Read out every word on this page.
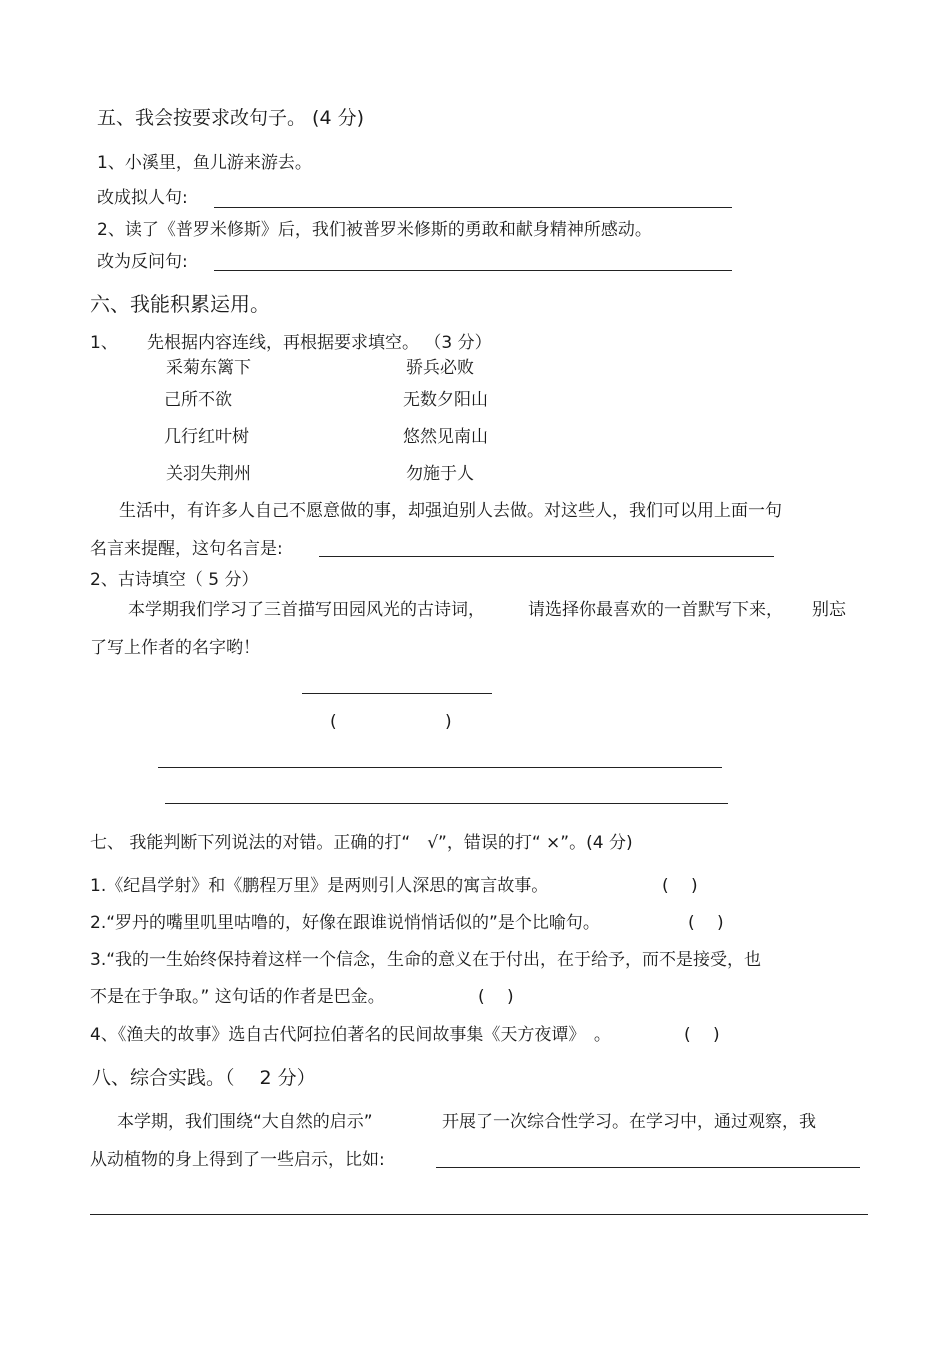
五、我会按要求改句子。 (4 分)
1、小溪里，鱼儿游来游去。
改成拟人句:
2、读了《普罗米修斯》后，我们被普罗米修斯的勇敢和献身精神所感动。
改为反问句:
六、我能积累运用。
1、 先根据内容连线，再根据要求填空。 （3 分）
采菊东篱下
己所不欲
几行红叶树
关羽失荆州
骄兵必败
无数夕阳山
悠然见南山
勿施于人
生活中，有许多人自己不愿意做的事，却强迫别人去做。对这些人，我们可以用上面一句
名言来提醒，这句名言是:
2、古诗填空（ 5 分）
本学期我们学习了三首描写田园风光的古诗词，	请选择你最喜欢的一首默写下来， 别忘
了写上作者的名字哟！
(	)
七、 我能判断下列说法的对错。正确的打“　√”，错误的打“ ×”。(4 分)
1.《纪昌学射》和《鹏程万里》是两则引人深思的寓言故事。	(　 )
2.“罗丹的嘴里叽里咕噜的，好像在跟谁说悄悄话似的”是个比喻句。	(　 )
3.“我的一生始终保持着这样一个信念，生命的意义在于付出，在于给予，而不是接受，也
不是在于争取。” 这句话的作者是巴金。	(　 )
4、《渔夫的故事》选自古代阿拉伯著名的民间故事集《天方夜谭》　。	(　 )
八、综合实践。（　 2 分）
本学期，我们围绕“大自然的启示”	开展了一次综合性学习。在学习中，通过观察，我
从动植物的身上得到了一些启示，比如:
